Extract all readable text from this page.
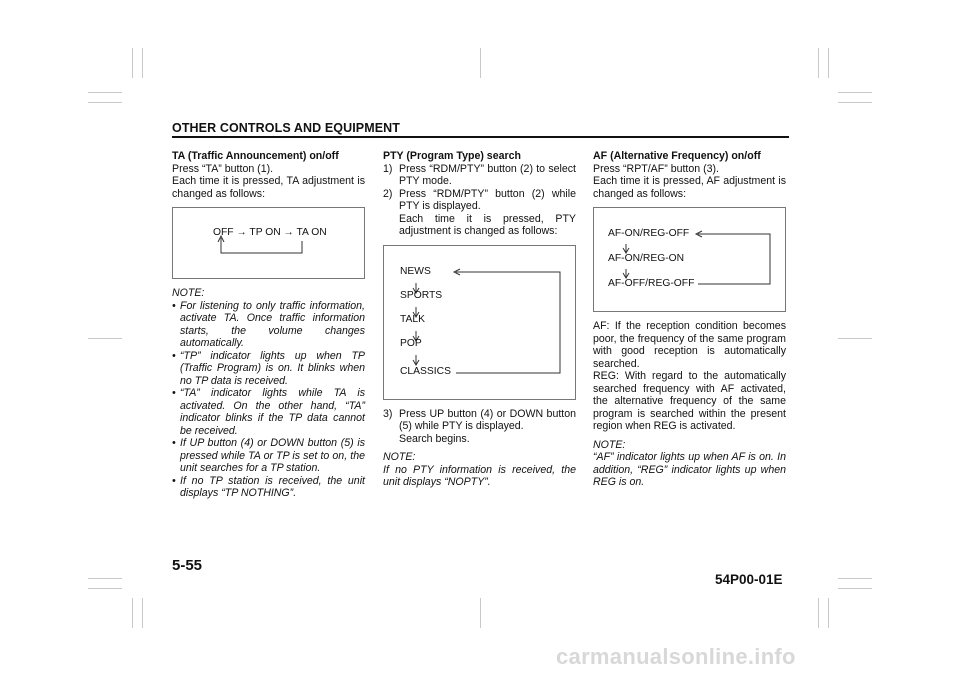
OTHER CONTROLS AND EQUIPMENT

TA (Traffic Announcement) on/off

Press “TA” button (1).

Each time it is pressed, TA adjustment is changed as follows:

OFF → TP ON → TA ON

NOTE:

• For listening to only traffic information, activate TA. Once traffic information starts, the volume changes automatically.
• “TP” indicator lights up when TP (Traffic Program) is on. It blinks when no TP data is received.
• “TA” indicator lights while TA is activated. On the other hand, “TA” indicator blinks if the TP data cannot be received.
• If UP button (4) or DOWN button (5) is pressed while TA or TP is set to on, the unit searches for a TP station.
• If no TP station is received, the unit displays “TP NOTHING”.

PTY (Program Type) search

1) Press “RDM/PTY” button (2) to select PTY mode.
2) Press “RDM/PTY” button (2) while PTY is displayed.
Each time it is pressed, PTY adjustment is changed as follows:
NEWS
SPORTS
TALK
POP
CLASSICS
3) Press UP button (4) or DOWN button (5) while PTY is displayed.
Search begins.

NOTE:

If no PTY information is received, the unit displays “NOPTY”.

AF (Alternative Frequency) on/off

Press “RPT/AF” button (3).

Each time it is pressed, AF adjustment is changed as follows:

AF-ON/REG-OFF
AF-ON/REG-ON
AF-OFF/REG-OFF

AF: If the reception condition becomes poor, the frequency of the same program with good reception is automatically searched.

REG: With regard to the automatically searched frequency with AF activated, the alternative frequency of the same program is searched within the present region when REG is activated.

NOTE:

“AF” indicator lights up when AF is on. In addition, “REG” indicator lights up when REG is on.

5-55
54P00-01E
carmanualsonline.info
